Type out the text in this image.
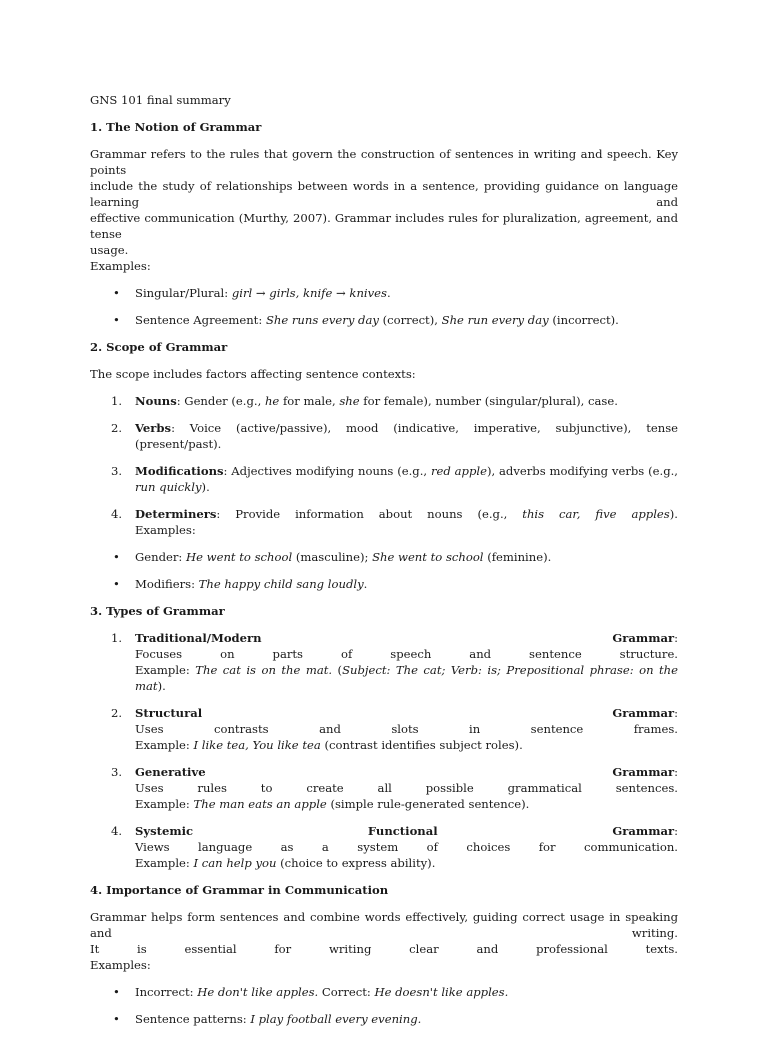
GNS 101 final summary

1. The Notion of Grammar

Grammar refers to the rules that govern the construction of sentences in writing and speech. Key points
include the study of relationships between words in a sentence, providing guidance on language learning and
effective communication (Murthy, 2007). Grammar includes rules for pluralization, agreement, and tense
usage.
Examples:
• Singular/Plural: girl → girls, knife → knives.
• Sentence Agreement: She runs every day (correct), She run every day (incorrect).

2. Scope of Grammar

The scope includes factors affecting sentence contexts:

1. Nouns: Gender (e.g., he for male, she for female), number (singular/plural), case.
2. Verbs: Voice (active/passive), mood (indicative, imperative, subjunctive), tense (present/past).
3. Modifications: Adjectives modifying nouns (e.g., red apple), adverbs modifying verbs (e.g., run quickly).
4. Determiners: Provide information about nouns (e.g., this car, five apples).
Examples:
• Gender: He went to school (masculine); She went to school (feminine).
• Modifiers: The happy child sang loudly.

3. Types of Grammar

1. Traditional/Modern	Grammar:
Focuses on parts of speech and sentence structure.
Example: The cat is on the mat. (Subject: The cat; Verb: is; Prepositional phrase: on the mat).
2. Structural	Grammar:
Uses contrasts and slots in sentence frames.
Example: I like tea, You like tea (contrast identifies subject roles).
3. Generative	Grammar:
Uses rules to create all possible grammatical sentences.
Example: The man eats an apple (simple rule-generated sentence).
4. Systemic	Functional	Grammar:
Views language as a system of choices for communication.
Example: I can help you (choice to express ability).

4. Importance of Grammar in Communication

Grammar helps form sentences and combine words effectively, guiding correct usage in speaking and writing.
It is essential for writing clear and professional texts.
Examples:
• Incorrect: He don't like apples. Correct: He doesn't like apples.
• Sentence patterns: I play football every evening.
